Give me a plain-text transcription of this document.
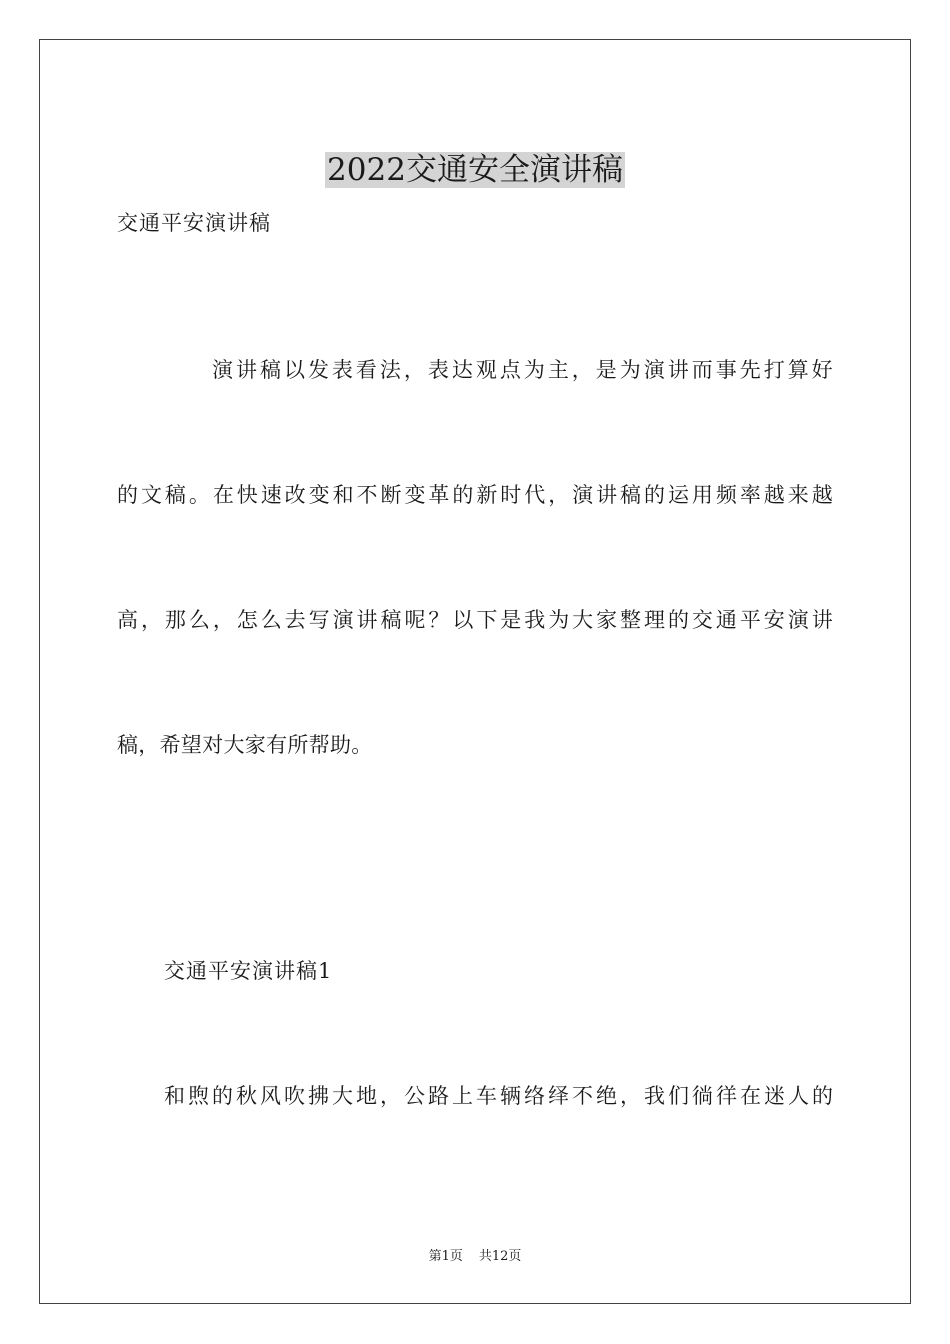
2022交通安全演讲稿
交通平安演讲稿
演讲稿以发表看法，表达观点为主，是为演讲而事先打算好
的文稿。在快速改变和不断变革的新时代，演讲稿的运用频率越来越
高，那么，怎么去写演讲稿呢？以下是我为大家整理的交通平安演讲
稿，希望对大家有所帮助。
交通平安演讲稿1
和煦的秋风吹拂大地，公路上车辆络绎不绝，我们徜徉在迷人的
第1页 共12页
